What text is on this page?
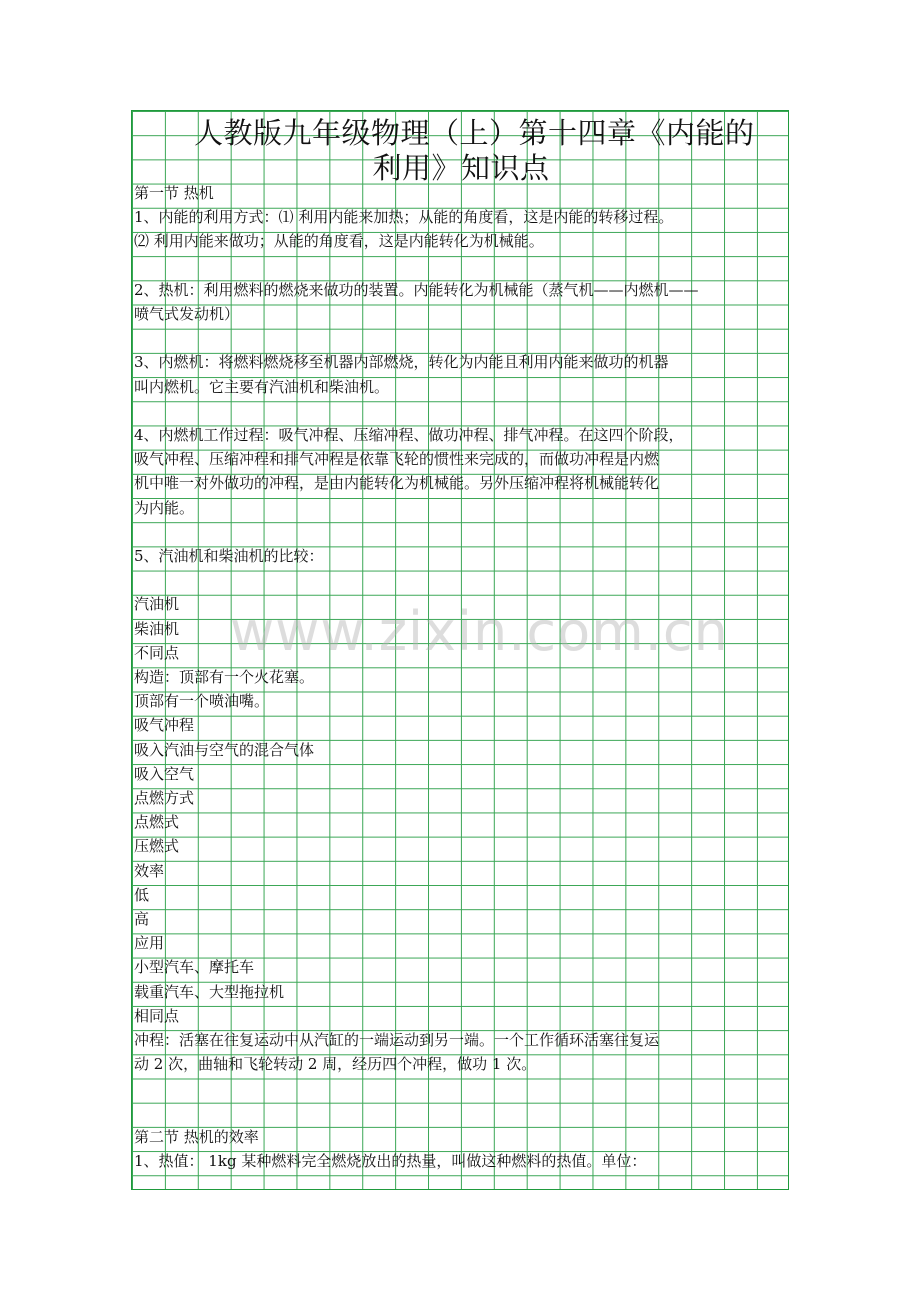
人教版九年级物理（上）第十四章《内能的
利用》知识点

第一节 热机

1、内能的利用方式：⑴ 利用内能来加热；从能的角度看，这是内能的转移过程。

⑵ 利用内能来做功；从能的角度看，这是内能转化为机械能。

2、热机：利用燃料的燃烧来做功的装置。内能转化为机械能（蒸气机——内燃机——

喷气式发动机）

3、内燃机：将燃料燃烧移至机器内部燃烧，转化为内能且利用内能来做功的机器

叫内燃机。它主要有汽油机和柴油机。

4、内燃机工作过程：吸气冲程、压缩冲程、做功冲程、排气冲程。在这四个阶段，

吸气冲程、压缩冲程和排气冲程是依靠飞轮的惯性来完成的，而做功冲程是内燃

机中唯一对外做功的冲程，是由内能转化为机械能。另外压缩冲程将机械能转化

为内能。

5、汽油机和柴油机的比较：

汽油机

柴油机

不同点

构造：顶部有一个火花塞。

顶部有一个喷油嘴。

吸气冲程

吸入汽油与空气的混合气体

吸入空气

点燃方式

点燃式

压燃式

效率

低

高

应用

小型汽车、摩托车

载重汽车、大型拖拉机

相同点

冲程：活塞在往复运动中从汽缸的一端运动到另一端。一个工作循环活塞往复运

动 2 次，曲轴和飞轮转动 2 周，经历四个冲程，做功 1 次。

第二节 热机的效率

1、热值： 1kg 某种燃料完全燃烧放出的热量，叫做这种燃料的热值。单位：

www.zixin.com.cn
